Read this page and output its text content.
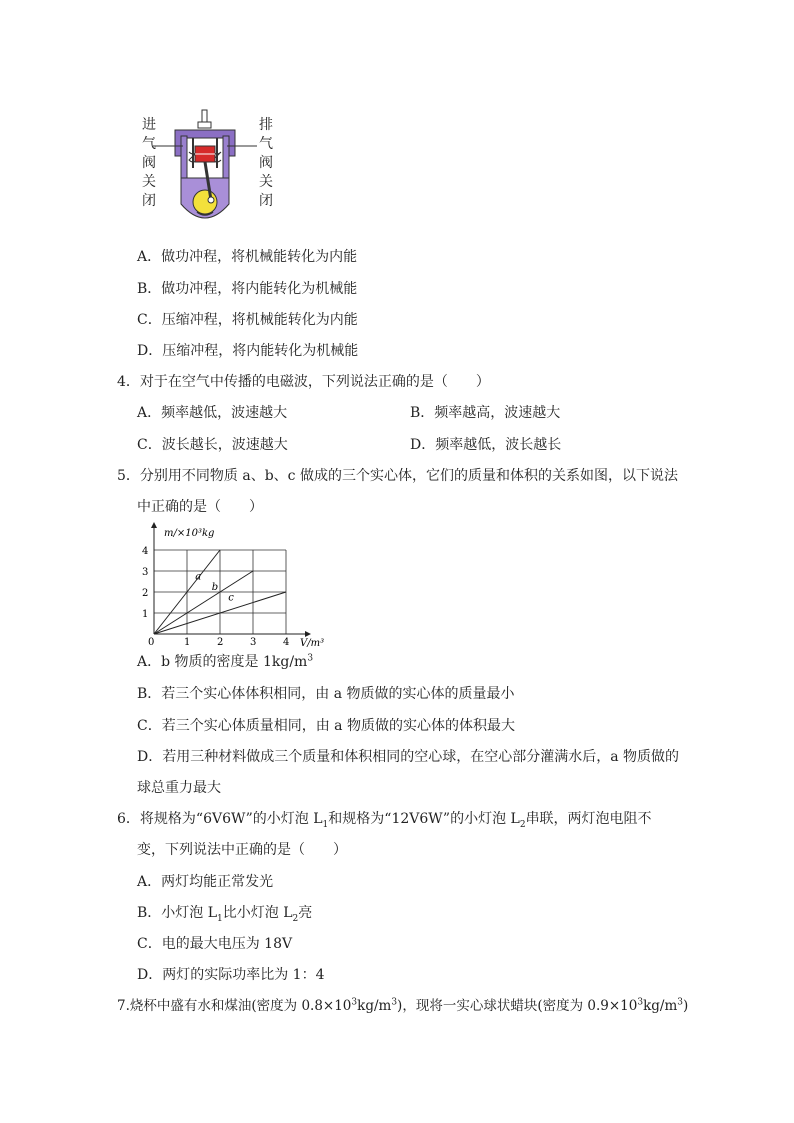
进
气
阀
关
闭
排
气
阀
关
闭
A．做功冲程，将机械能转化为内能
B．做功冲程，将内能转化为机械能
C．压缩冲程，将机械能转化为内能
D．压缩冲程，将内能转化为机械能
4．对于在空气中传播的电磁波，下列说法正确的是（　　）
A．频率越低，波速越大	B．频率越高，波速越大
C．波长越长，波速越大	D．频率越低，波长越长
5．分别用不同物质 a、b、c 做成的三个实心体，它们的质量和体积的关系如图，以下说法
中正确的是（　　）
m/×10³kg
V/m³
0	1	2	3	4
1
2
3
4
a
b
c
A．b 物质的密度是 $1kg/m^3$
B．若三个实心体体积相同，由 a 物质做的实心体的质量最小
C．若三个实心体质量相同，由 a 物质做的实心体的体积最大
D．若用三种材料做成三个质量和体积相同的空心球，在空心部分灌满水后，a 物质做的
球总重力最大
6．将规格为“6V6W”的小灯泡 $L_1$和规格为“12V6W”的小灯泡 $L_2$串联，两灯泡电阻不
变，下列说法中正确的是（　　）
A．两灯均能正常发光
B．小灯泡 $L_1$比小灯泡 $L_2$亮
C．电的最大电压为 18V
D．两灯的实际功率比为 1：4
7.烧杯中盛有水和煤油(密度为 $0.8\times 10^3kg/m^3$)，现将一实心球状蜡块(密度为 $0.9\times 10^3kg/m^3$)
